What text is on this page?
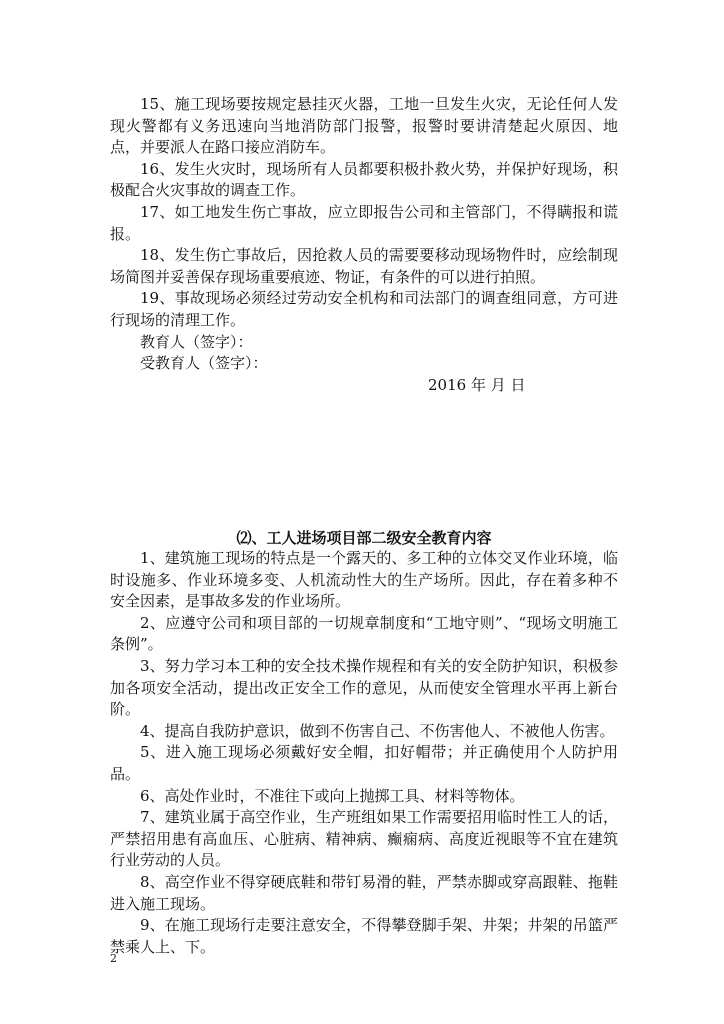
15、施工现场要按规定悬挂灭火器，工地一旦发生火灾，无论任何人发现火警都有义务迅速向当地消防部门报警，报警时要讲清楚起火原因、地点，并要派人在路口接应消防车。

16、发生火灾时，现场所有人员都要积极扑救火势，并保护好现场，积极配合火灾事故的调查工作。

17、如工地发生伤亡事故，应立即报告公司和主管部门，不得瞒报和谎报。

18、发生伤亡事故后，因抢救人员的需要要移动现场物件时，应绘制现场简图并妥善保存现场重要痕迹、物证，有条件的可以进行拍照。

19、事故现场必须经过劳动安全机构和司法部门的调查组同意，方可进行现场的清理工作。

教育人（签字）：

受教育人（签字）：

2016 年 月 日

⑵、工人进场项目部二级安全教育内容

1、建筑施工现场的特点是一个露天的、多工种的立体交叉作业环境，临时设施多、作业环境多变、人机流动性大的生产场所。因此，存在着多种不安全因素，是事故多发的作业场所。

2、应遵守公司和项目部的一切规章制度和“工地守则”、“现场文明施工条例”。

3、努力学习本工种的安全技术操作规程和有关的安全防护知识，积极参加各项安全活动，提出改正安全工作的意见，从而使安全管理水平再上新台阶。

4、提高自我防护意识，做到不伤害自己、不伤害他人、不被他人伤害。

5、进入施工现场必须戴好安全帽，扣好帽带；并正确使用个人防护用品。

6、高处作业时，不准往下或向上抛掷工具、材料等物体。

7、建筑业属于高空作业，生产班组如果工作需要招用临时性工人的话，严禁招用患有高血压、心脏病、精神病、癫痫病、高度近视眼等不宜在建筑行业劳动的人员。

8、高空作业不得穿硬底鞋和带钉易滑的鞋，严禁赤脚或穿高跟鞋、拖鞋进入施工现场。

9、在施工现场行走要注意安全，不得攀登脚手架、井架；井架的吊篮严禁乘人上、下。

2
